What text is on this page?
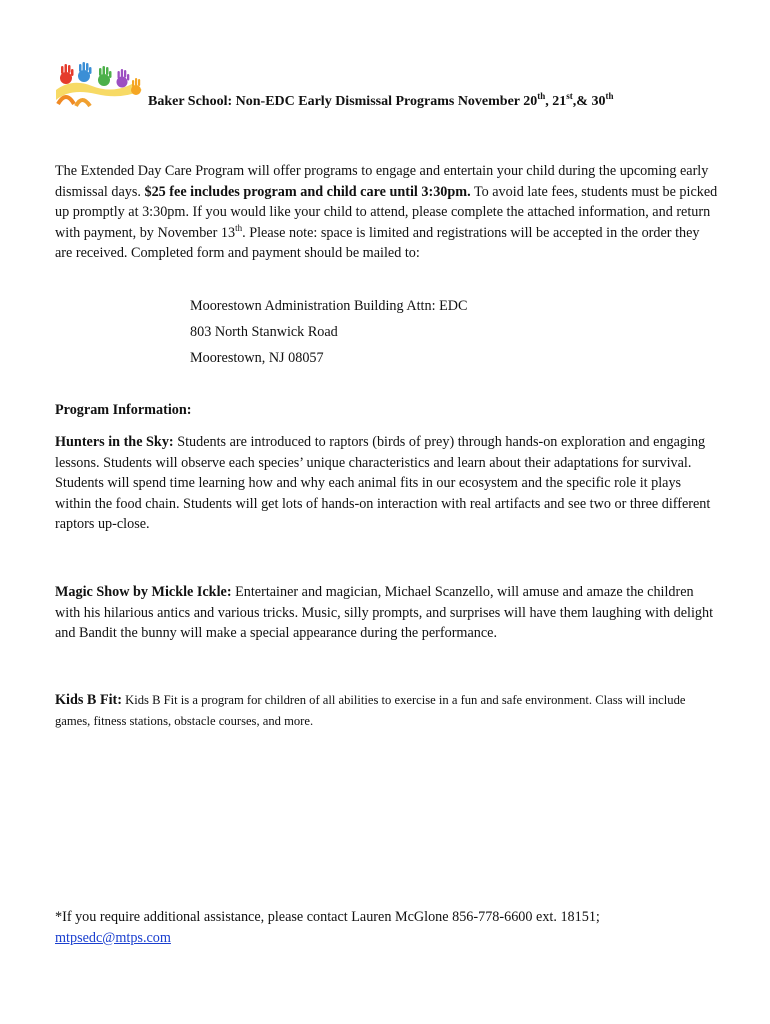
Baker School: Non-EDC Early Dismissal Programs November 20th, 21st,& 30th
The Extended Day Care Program will offer programs to engage and entertain your child during the upcoming early dismissal days. $25 fee includes program and child care until 3:30pm. To avoid late fees, students must be picked up promptly at 3:30pm. If you would like your child to attend, please complete the attached information, and return with payment, by November 13th. Please note: space is limited and registrations will be accepted in the order they are received. Completed form and payment should be mailed to:
Moorestown Administration Building Attn: EDC
803 North Stanwick Road
Moorestown, NJ 08057
Program Information:
Hunters in the Sky: Students are introduced to raptors (birds of prey) through hands-on exploration and engaging lessons. Students will observe each species’ unique characteristics and learn about their adaptations for survival. Students will spend time learning how and why each animal fits in our ecosystem and the specific role it plays within the food chain. Students will get lots of hands-on interaction with real artifacts and see two or three different raptors up-close.
Magic Show by Mickle Ickle: Entertainer and magician, Michael Scanzello, will amuse and amaze the children with his hilarious antics and various tricks. Music, silly prompts, and surprises will have them laughing with delight and Bandit the bunny will make a special appearance during the performance.
Kids B Fit: Kids B Fit is a program for children of all abilities to exercise in a fun and safe environment. Class will include games, fitness stations, obstacle courses, and more.
*If you require additional assistance, please contact Lauren McGlone 856-778-6600 ext. 18151;
mtpsedc@mtps.com
